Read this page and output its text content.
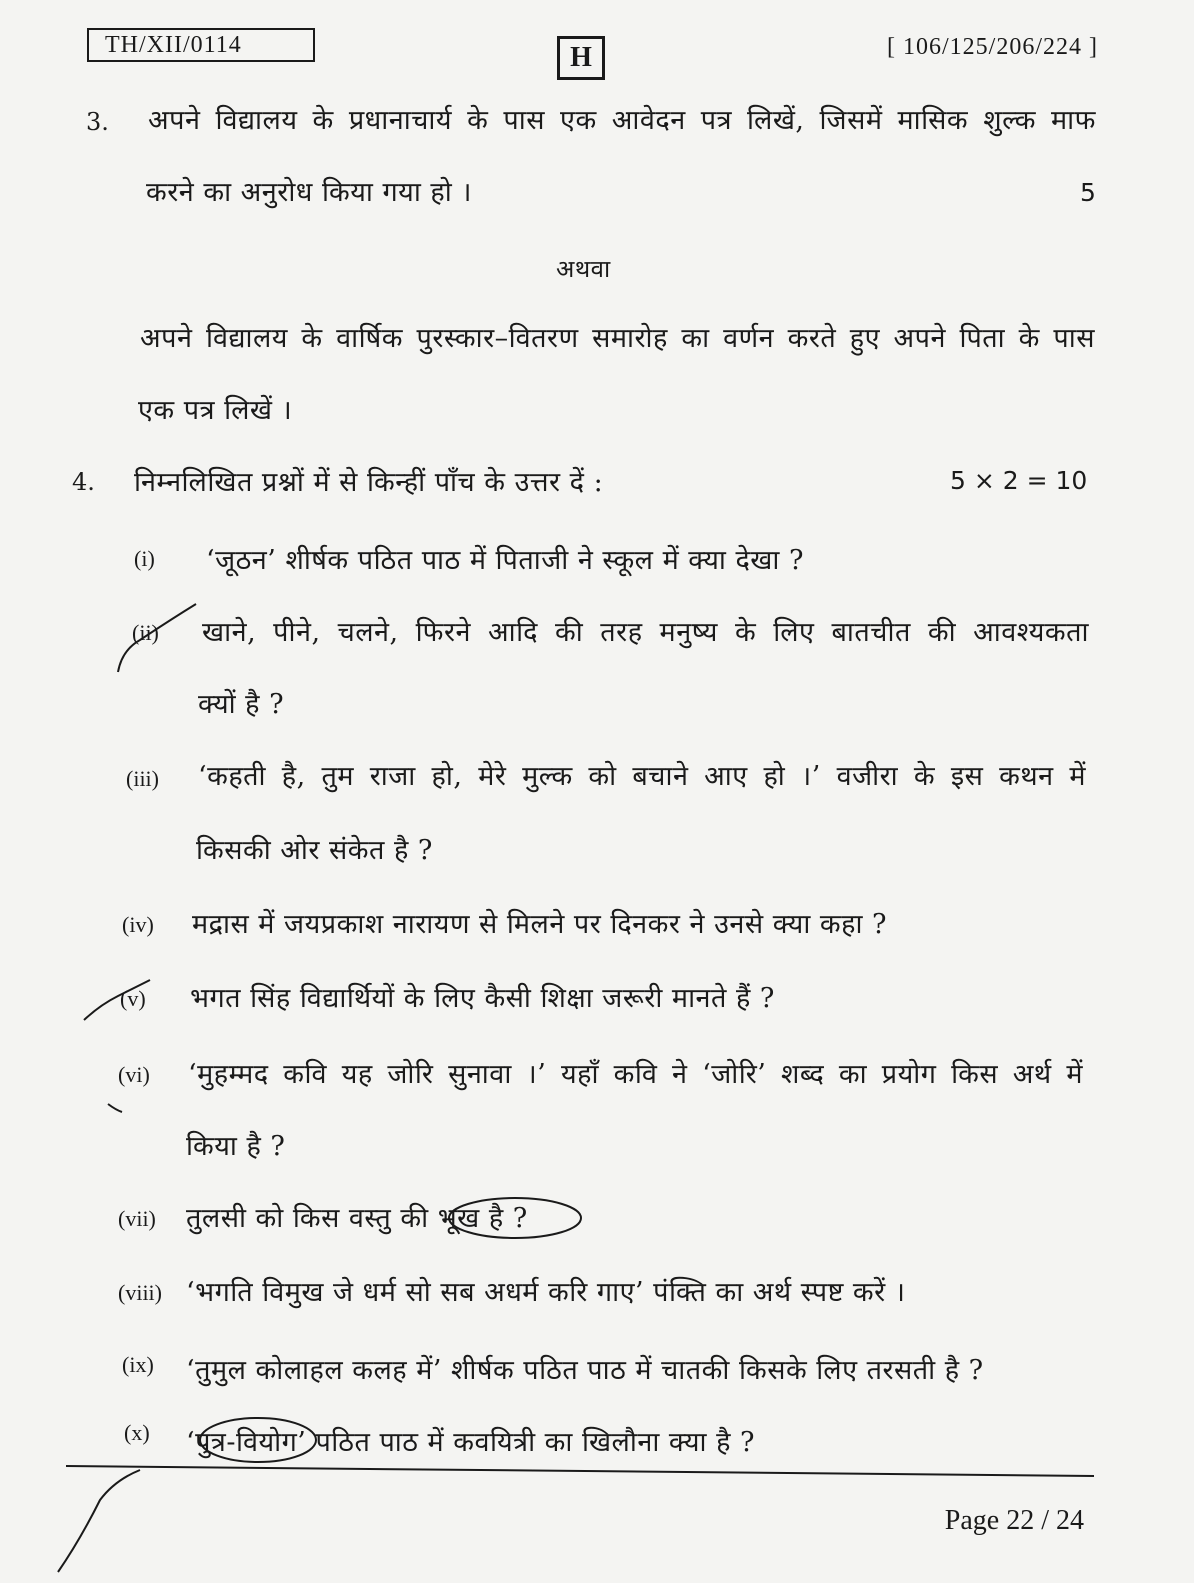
TH/XII/0114	H	[ 106/125/206/224 ]
3. अपने विद्यालय के प्रधानाचार्य के पास एक आवेदन पत्र लिखें, जिसमें मासिक शुल्क माफ
करने का अनुरोध किया गया हो ।	5
अथवा
अपने विद्यालय के वार्षिक पुरस्कार–वितरण समारोह का वर्णन करते हुए अपने पिता के पास
एक पत्र लिखें ।
4. निम्नलिखित प्रश्नों में से किन्हीं पाँच के उत्तर दें :	5 × 2 = 10
(i) ‘जूठन’ शीर्षक पठित पाठ में पिताजी ने स्कूल में क्या देखा ?
(ii) खाने, पीने, चलने, फिरने आदि की तरह मनुष्य के लिए बातचीत की आवश्यकता
क्यों है ?
(iii) ‘कहती है, तुम राजा हो, मेरे मुल्क को बचाने आए हो ।’ वजीरा के इस कथन में
किसकी ओर संकेत है ?
(iv) मद्रास में जयप्रकाश नारायण से मिलने पर दिनकर ने उनसे क्या कहा ?
(v) भगत सिंह विद्यार्थियों के लिए कैसी शिक्षा जरूरी मानते हैं ?
(vi) ‘मुहम्मद कवि यह जोरि सुनावा ।’ यहाँ कवि ने ‘जोरि’ शब्द का प्रयोग किस अर्थ में
किया है ?
(vii) तुलसी को किस वस्तु की भूख है ?
(viii) ‘भगति विमुख जे धर्म सो सब अधर्म करि गाए’ पंक्ति का अर्थ स्पष्ट करें ।
(ix) ‘तुमुल कोलाहल कलह में’ शीर्षक पठित पाठ में चातकी किसके लिए तरसती है ?
(x) ‘पुत्र-वियोग’ पठित पाठ में कवयित्री का खिलौना क्या है ?
Page 22 / 24
